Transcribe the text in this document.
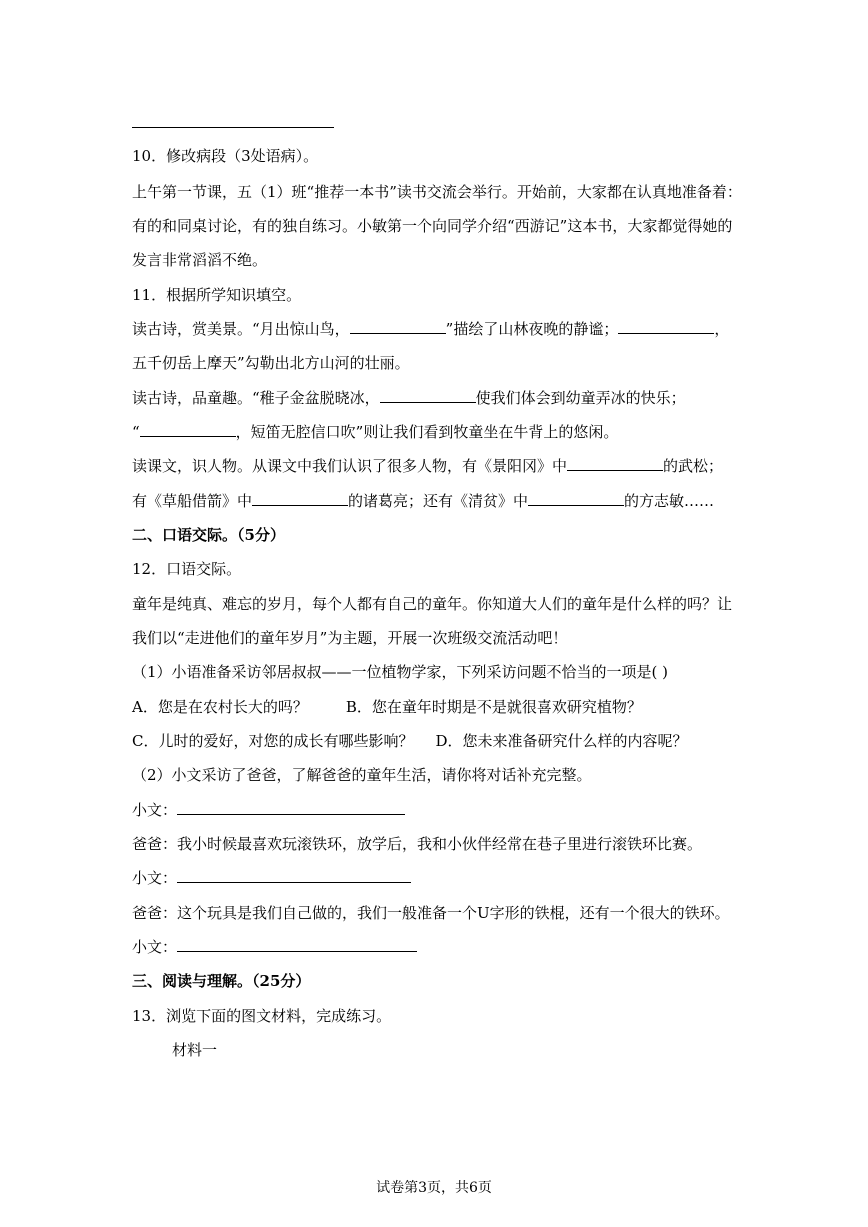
10．修改病段（3处语病）。
上午第一节课，五（1）班“推荐一本书”读书交流会举行。开始前，大家都在认真地准备着：
有的和同桌讨论，有的独自练习。小敏第一个向同学介绍“西游记”这本书，大家都觉得她的
发言非常滔滔不绝。
11．根据所学知识填空。
读古诗，赏美景。“月出惊山鸟，	”描绘了山林夜晚的静谧；	，
五千仞岳上摩天”勾勒出北方山河的壮丽。
读古诗，品童趣。“稚子金盆脱晓冰，	使我们体会到幼童弄冰的快乐；
“	，短笛无腔信口吹”则让我们看到牧童坐在牛背上的悠闲。
读课文，识人物。从课文中我们认识了很多人物，有《景阳冈》中	的武松；
有《草船借箭》中	的诸葛亮；还有《清贫》中	的方志敏……
二、口语交际。（5分）
12．口语交际。
童年是纯真、难忘的岁月，每个人都有自己的童年。你知道大人们的童年是什么样的吗？让
我们以“走进他们的童年岁月”为主题，开展一次班级交流活动吧！
（1）小语准备采访邻居叔叔——一位植物学家，下列采访问题不恰当的一项是( )
A．您是在农村长大的吗？	B．您在童年时期是不是就很喜欢研究植物？
C．儿时的爱好，对您的成长有哪些影响？ D．您未来准备研究什么样的内容呢？
（2）小文采访了爸爸，了解爸爸的童年生活，请你将对话补充完整。
小文：
爸爸：我小时候最喜欢玩滚铁环，放学后，我和小伙伴经常在巷子里进行滚铁环比赛。
小文：
爸爸：这个玩具是我们自己做的，我们一般准备一个U字形的铁棍，还有一个很大的铁环。
小文：
三、阅读与理解。（25分）
13．浏览下面的图文材料，完成练习。
材料一
试卷第3页，共6页
